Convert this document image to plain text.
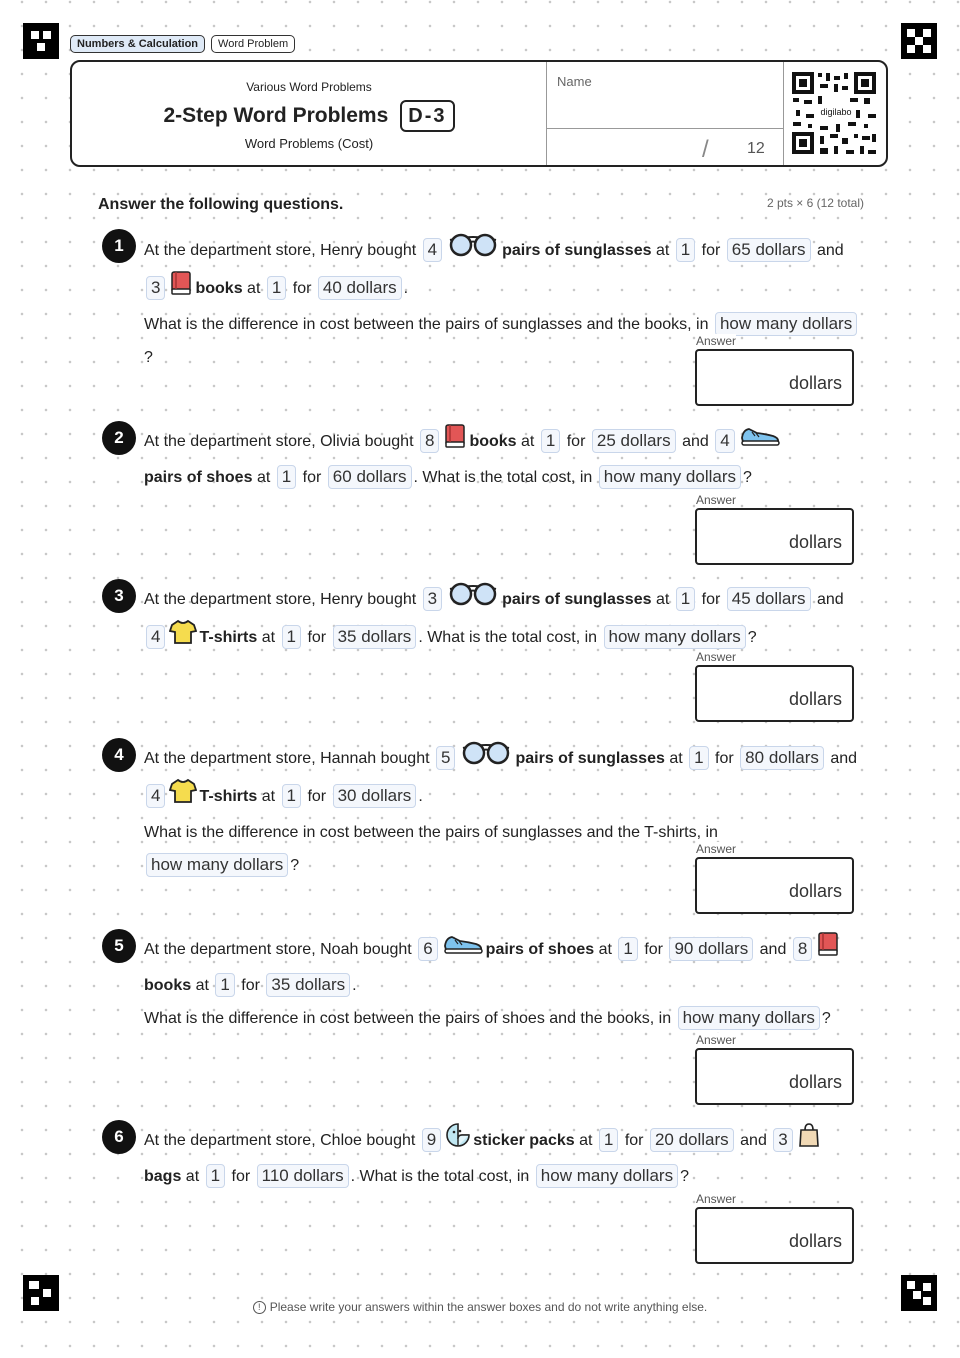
Numbers & Calculation	Word Problem
Various Word Problems
2-Step Word Problems	D-3
Word Problems (Cost)
Name
/ 12
digilabo
Answer the following questions.	2 pts × 6 (12 total)
1	At the department store, Henry bought 4	pairs of sunglasses at 1 for 65 dollars and 3 books at 1 for 40 dollars . What is the difference in cost between the pairs of sunglasses and the books, in how many dollars?
Answer
dollars
2	At the department store, Olivia bought 8 books at 1 for 25 dollars and 4pairs of shoes at 1 for 60 dollars . What is the total cost, in how many dollars ?
Answer
dollars
3	At the department store, Henry bought 3	pairs of sunglasses at 1 for 45 dollars and 4 T-shirts at 1 for 35 dollars . What is the total cost, in how many dollars ?
Answer
dollars
4	At the department store, Hannah bought 5	pairs of sunglasses at 1 for 80 dollars and 4 T-shirts at 1 for 30 dollars . What is the difference in cost between the pairs of sunglasses and the T-shirts, in how many dollars ?
Answer
dollars
5	At the department store, Noah bought 6	pairs of shoes at 1 for 90 dollars and 8books at 1 for 35 dollars . What is the difference in cost between the pairs of shoes and the books, in how many dollars ?
Answer
dollars
6	At the department store, Chloe bought 9 sticker packs at 1 for 20 dollars and 3bags at 1 for 110 dollars . What is the total cost, in how many dollars ?
Answer
dollars
! Please write your answers within the answer boxes and do not write anything else.
